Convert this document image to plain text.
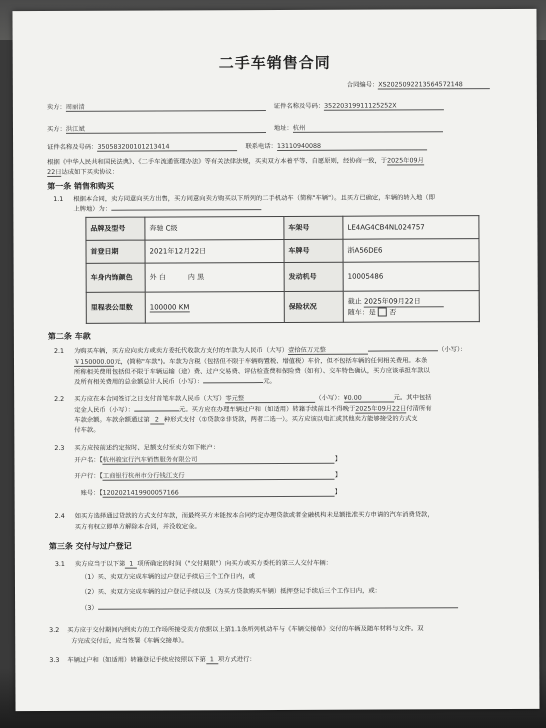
二手车销售合同
合同编号：XS20250922135645721​48
卖方：周丽清	证件名称及号码：352203199111​25252X
买方：洪江斌	地址：杭州
证件名称及号码：350583200101213414	联系电话：13110940088
根据《中华人民共和国民法典》、《二手车流通管理办法》等有关法律法规，买卖双方本着平等、自愿原则，经协商一致，于2025年09月
22日达成如下买卖协议：
第一条 销售和购买
1.1 根据本合同，卖方同意向买方出售，买方同意向卖方购买以下所列的二手机动车（简称"车辆"）。且买方已确定，车辆的转入地（即
上牌地）为：
品牌及型号	奔驰 C级	车架号	LE4AG4CB4NL024757
首登日期	2021年12月22日	车牌号	浙A56DE6
车身内饰颜色	外 白 内 黑	发动机号	10005486
里程表公里数	100000 KM	保险状况	截止 2025年09月22日
随车：是 否
第二条 车款
2.1 为购买车辆，买方应向卖方或卖方委托代收款方支付的车款为人民币（大写）壹拾伍万元整	（小写）：
￥150000.00元，(简称"车款")。车款为含税（包括但不限于车辆购置税、增值税）车价，但不包括车辆的任何相关费用。本条
所称相关费用包括但不限于车辆运输（途）费、过户交易费、评估检查费和保险费（如有）、交车特色确认，买方应该承担车款以
及所有相关费用的总金额总计人民币（小写）：	元。
2.2 买方应在本合同签订之日支付首笔车款人民币（大写）零元整	（小写）：¥0.00	元。其中包括
定金人民币（小写）：	元。买方应在办理车辆过户和（如适用）转籍手续前且不得晚于2025年09月22日付清所有
车款余额。车款余额通过第 2 种形式支付（①贷款②非贷款，两者二选一）。买方应该以电汇或其他卖方能够接受的方式支
付车款。
2.3 买方应按前述约定按时、足额支付至卖方如下帐户：
开户名：【杭州骏宝行汽车销售服务有限公司	】
开户行：【工商银行杭州市分行钱江支行	】
账号：【1202021419900057166	】
2.4 如买方选择通过贷款的方式支付车款，而最终买方未能按本合同约定办理贷款或者金融机构未足额批准买方申请的汽车消费贷款，
买方有权立即单方解除本合同，并没收定金。
第三条 交付与过户登记
3.1 卖方应当于以下第 1 项所确定的时间（"交付期限"）向买方或买方委托的第三人交付车辆：
（1）买、卖双方完成车辆的过户登记手续后三个工作日内，或
（2）买、卖双方完成车辆的过户登记手续以及（为买方贷款购买车辆）抵押登记手续后三个工作日内，或：
（3）
3.2 买方应于交付期间内到卖方的工作场所接受卖方依据以上第1.1条所列机动车与《车辆交接单》交付的车辆及随车材料与文件。双
方完成交付后，应当签署《车辆交接单》。
3.3 车辆过户和（如适用）转籍登记手续应按照以下第 1 项方式进行：
